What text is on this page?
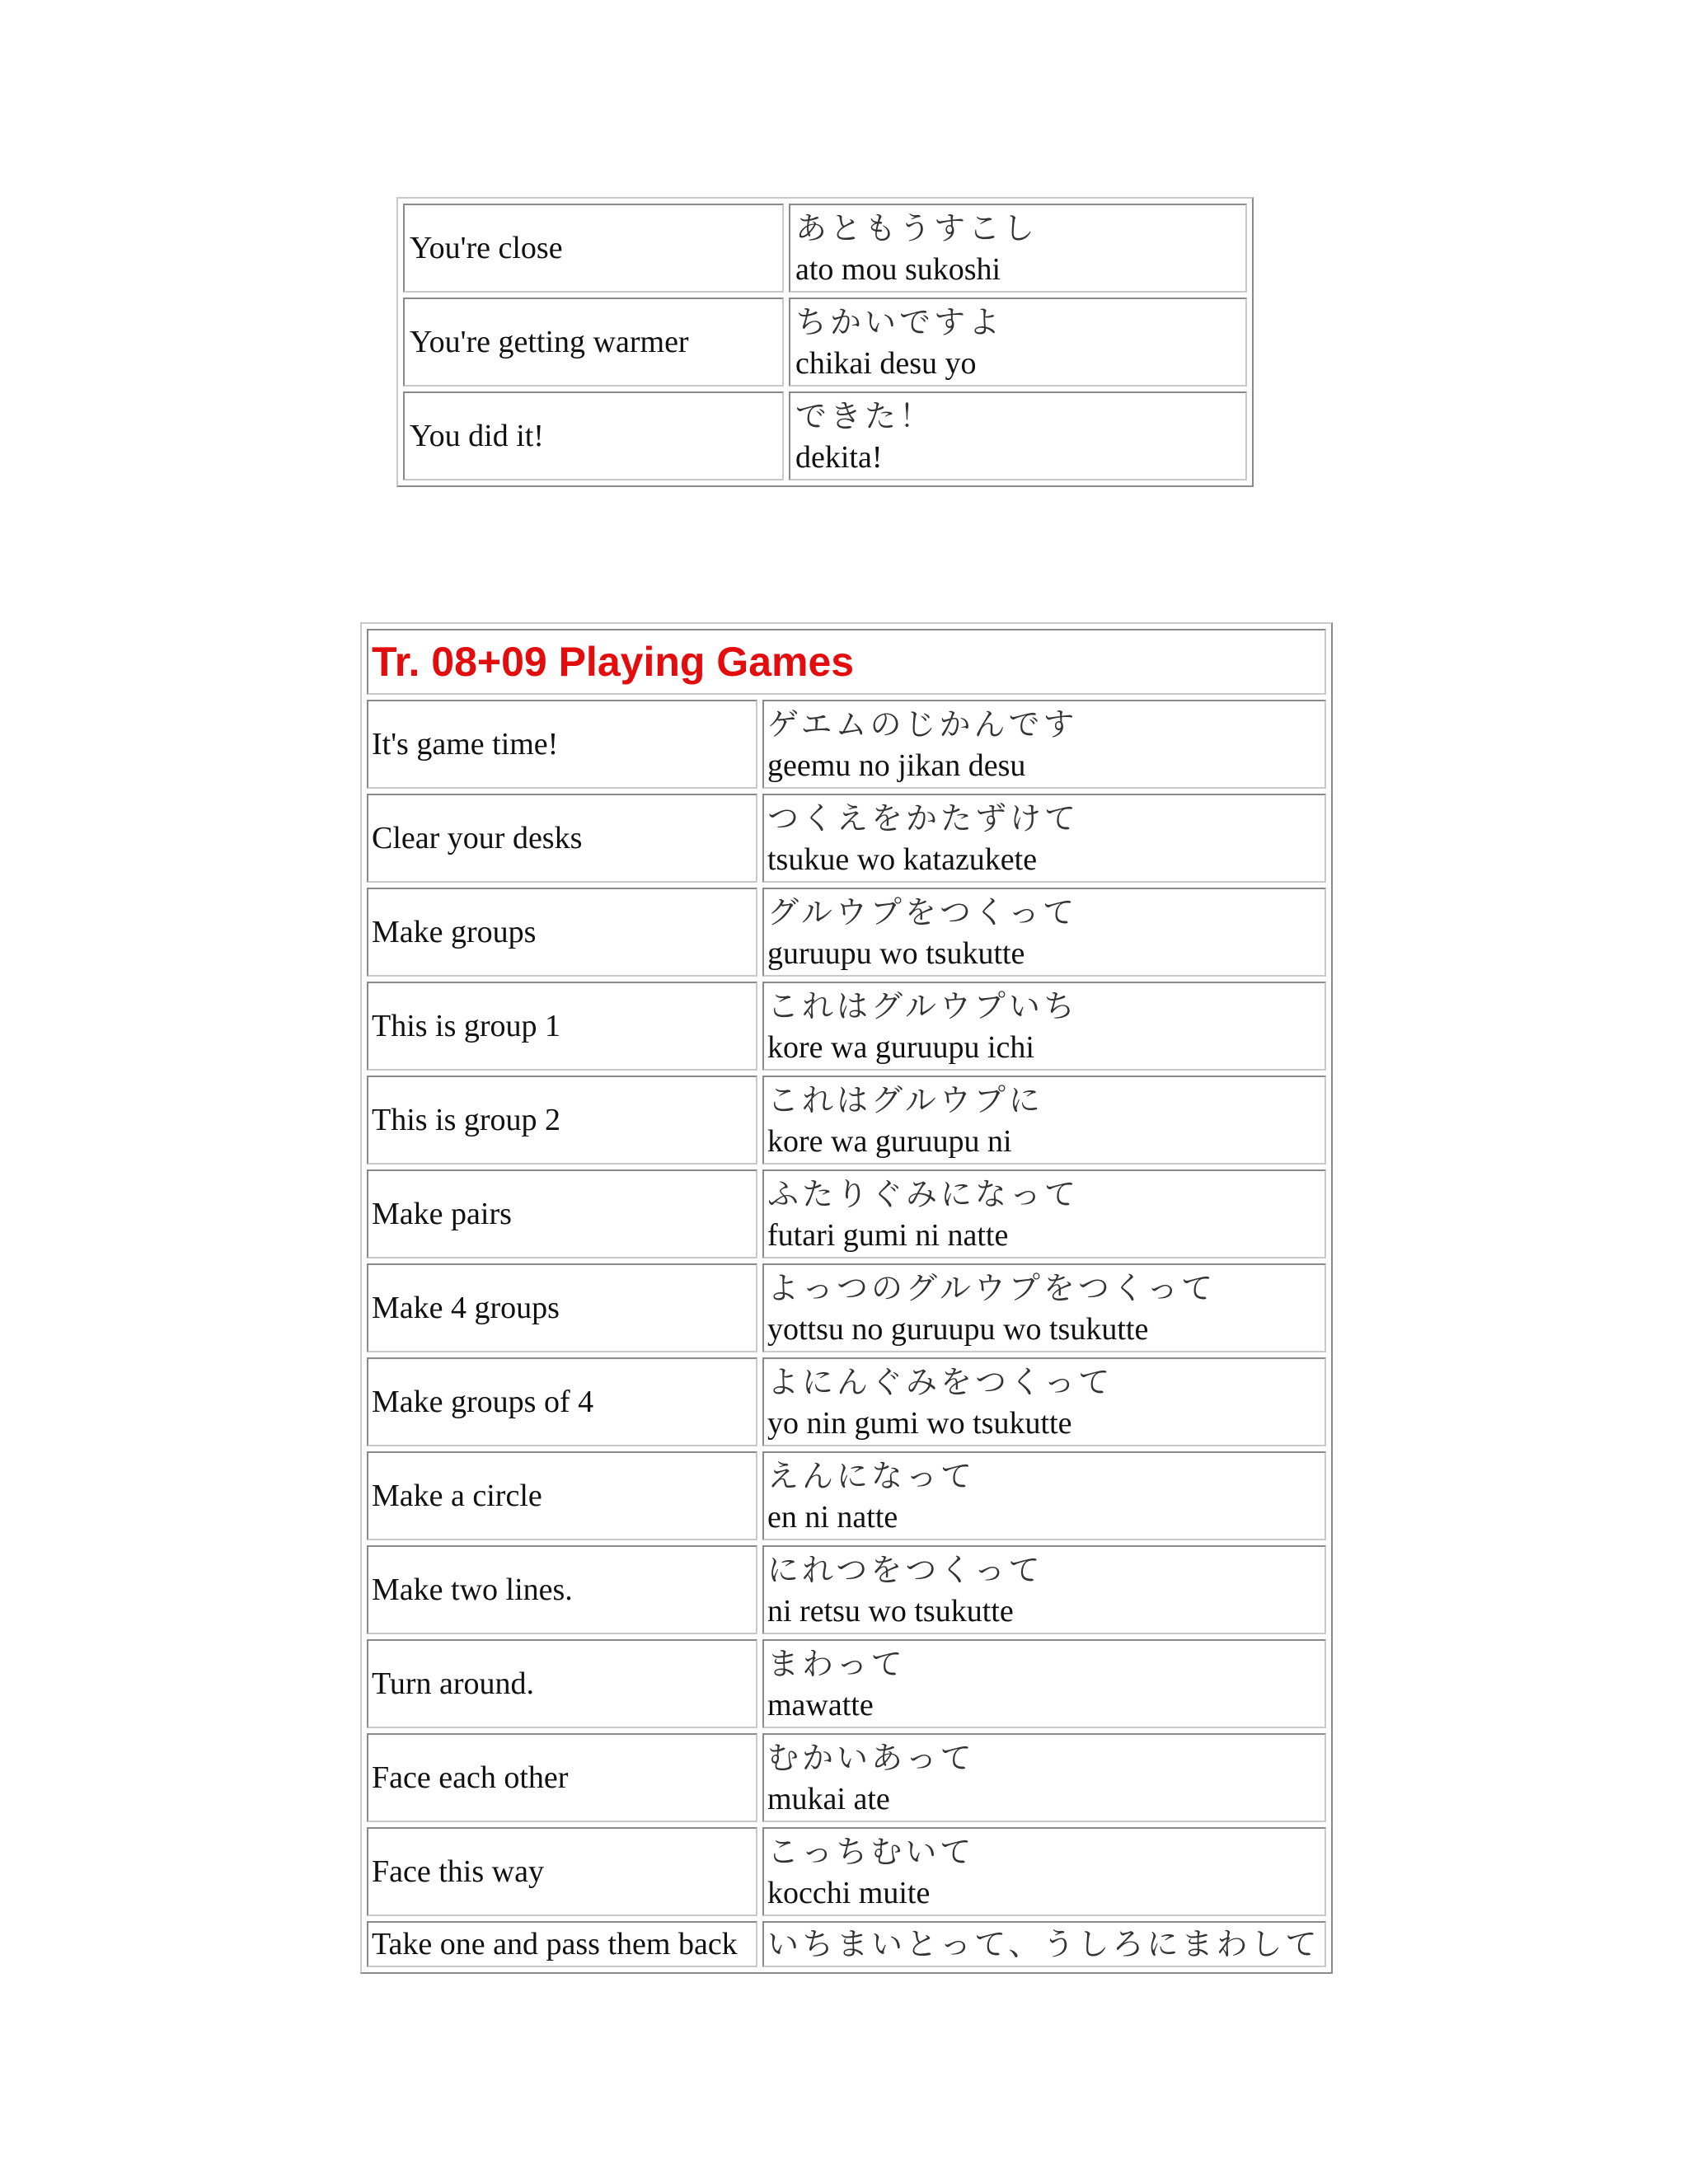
You're close	あともうすこし
ato mou sukoshi

You're getting warmer	ちかいですよ
chikai desu yo

You did it!	できた！
dekita!
Tr. 08+09 Playing Games	
It's game time!	ゲエムのじかんです
geemu no jikan desu

Clear your desks	つくえをかたずけて
tsukue wo katazukete

Make groups	グルウプをつくって
guruupu wo tsukutte

This is group 1	これはグルウプいち
kore wa guruupu ichi

This is group 2	これはグルウプに
kore wa guruupu ni

Make pairs	ふたりぐみになって
futari gumi ni natte

Make 4 groups	よっつのグルウプをつくって
yottsu no guruupu wo tsukutte

Make groups of 4	よにんぐみをつくって
yo nin gumi wo tsukutte

Make a circle	えんになって
en ni natte

Make two lines.	にれつをつくって
ni retsu wo tsukutte

Turn around.	まわって
mawatte

Face each other	むかいあって
mukai ate

Face this way	こっちむいて
kocchi muite

Take one and pass them back	いちまいとって、うしろにまわして
